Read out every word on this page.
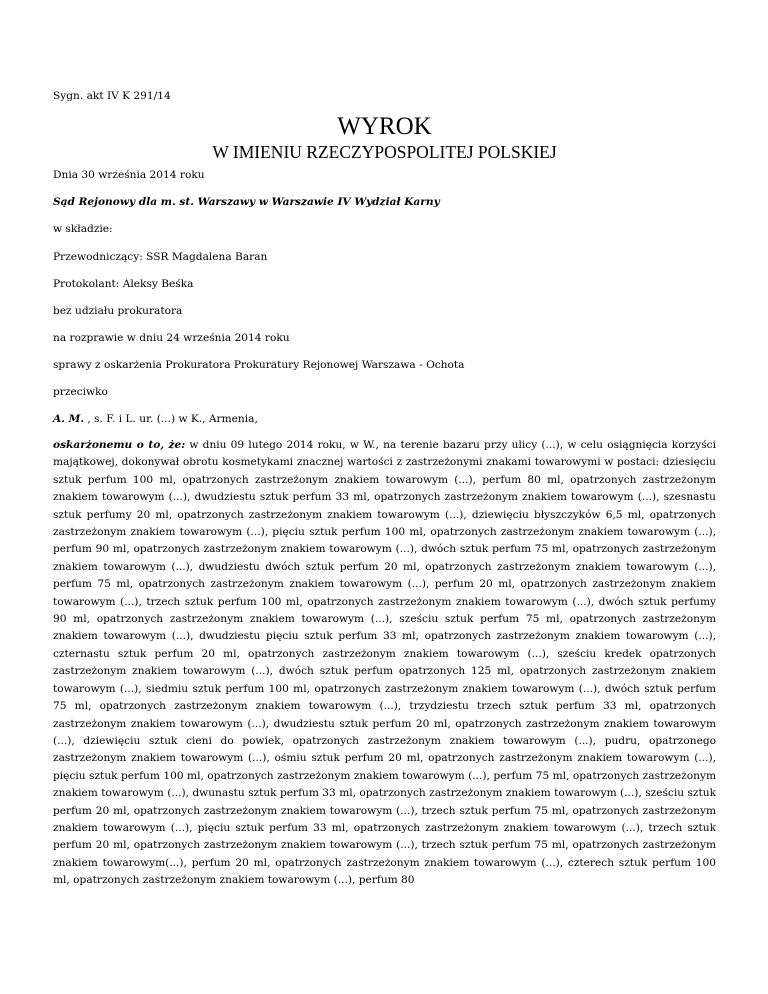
Sygn. akt IV K 291/14
WYROK
W IMIENIU RZECZYPOSPOLITEJ POLSKIEJ
Dnia 30 września 2014 roku
Sąd Rejonowy dla m. st. Warszawy w Warszawie IV Wydział Karny
w składzie:
Przewodniczący: SSR Magdalena Baran
Protokolant: Aleksy Beśka
bez udziału prokuratora
na rozprawie w dniu 24 września 2014 roku
sprawy z oskarżenia Prokuratora Prokuratury Rejonowej Warszawa - Ochota
przeciwko
A. M. , s. F. i L. ur. (...) w K., Armenia,
oskarżonemu o to, że: w dniu 09 lutego 2014 roku, w W., na terenie bazaru przy ulicy (...), w celu osiągnięcia korzyści majątkowej, dokonywał obrotu kosmetykami znacznej wartości z zastrzeżonymi znakami towarowymi w postaci: dziesięciu sztuk perfum 100 ml, opatrzonych zastrzeżonym znakiem towarowym (...), perfum 80 ml, opatrzonych zastrzeżonym znakiem towarowym (...), dwudziestu sztuk perfum 33 ml, opatrzonych zastrzeżonym znakiem towarowym (...), szesnastu sztuk perfumy 20 ml, opatrzonych zastrzeżonym znakiem towarowym (...), dziewięciu błyszczyków 6,5 ml, opatrzonych zastrzeżonym znakiem towarowym (...), pięciu sztuk perfum 100 ml, opatrzonych zastrzeżonym znakiem towarowym (...), perfum 90 ml, opatrzonych zastrzeżonym znakiem towarowym (...), dwóch sztuk perfum 75 ml, opatrzonych zastrzeżonym znakiem towarowym (...), dwudziestu dwóch sztuk perfum 20 ml, opatrzonych zastrzeżonym znakiem towarowym (...), perfum 75 ml, opatrzonych zastrzeżonym znakiem towarowym (...), perfum 20 ml, opatrzonych zastrzeżonym znakiem towarowym (...), trzech sztuk perfum 100 ml, opatrzonych zastrzeżonym znakiem towarowym (...), dwóch sztuk perfumy 90 ml, opatrzonych zastrzeżonym znakiem towarowym (...), sześciu sztuk perfum 75 ml, opatrzonych zastrzeżonym znakiem towarowym (...), dwudziestu pięciu sztuk perfum 33 ml, opatrzonych zastrzeżonym znakiem towarowym (...), czternastu sztuk perfum 20 ml, opatrzonych zastrzeżonym znakiem towarowym (...), sześciu kredek opatrzonych zastrzeżonym znakiem towarowym (...), dwóch sztuk perfum opatrzonych 125 ml, opatrzonych zastrzeżonym znakiem towarowym (...), siedmiu sztuk perfum 100 ml, opatrzonych zastrzeżonym znakiem towarowym (...), dwóch sztuk perfum 75 ml, opatrzonych zastrzeżonym znakiem towarowym (...), trzydziestu trzech sztuk perfum 33 ml, opatrzonych zastrzeżonym znakiem towarowym (...), dwudziestu sztuk perfum 20 ml, opatrzonych zastrzeżonym znakiem towarowym (...), dziewięciu sztuk cieni do powiek, opatrzonych zastrzeżonym znakiem towarowym (...), pudru, opatrzonego zastrzeżonym znakiem towarowym (...), ośmiu sztuk perfum 20 ml, opatrzonych zastrzeżonym znakiem towarowym (...), pięciu sztuk perfum 100 ml, opatrzonych zastrzeżonym znakiem towarowym (...), perfum 75 ml, opatrzonych zastrzeżonym znakiem towarowym (...), dwunastu sztuk perfum 33 ml, opatrzonych zastrzeżonym znakiem towarowym (...), sześciu sztuk perfum 20 ml, opatrzonych zastrzeżonym znakiem towarowym (...), trzech sztuk perfum 75 ml, opatrzonych zastrzeżonym znakiem towarowym (...), pięciu sztuk perfum 33 ml, opatrzonych zastrzeżonym znakiem towarowym (...), trzech sztuk perfum 20 ml, opatrzonych zastrzeżonym znakiem towarowym (...), trzech sztuk perfum 75 ml, opatrzonych zastrzeżonym znakiem towarowym(...), perfum 20 ml, opatrzonych zastrzeżonym znakiem towarowym (...), czterech sztuk perfum 100 ml, opatrzonych zastrzeżonym znakiem towarowym (...), perfum 80
